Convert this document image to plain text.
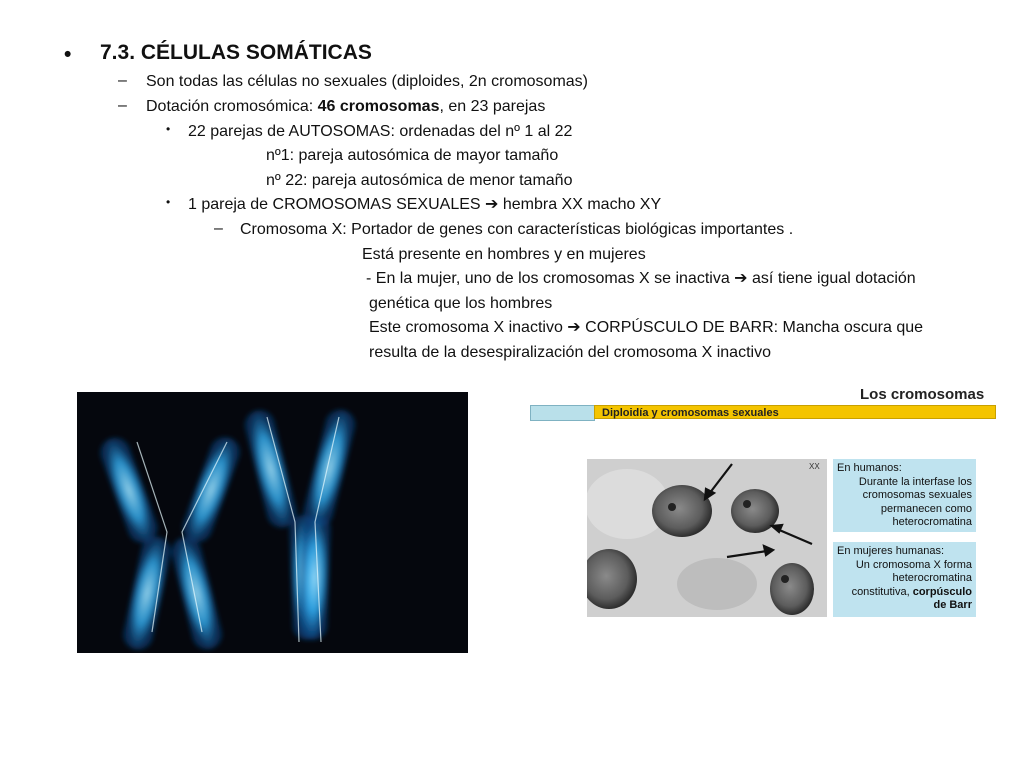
• 7.3. CÉLULAS SOMÁTICAS
– Son todas las células no sexuales (diploides, 2n cromosomas)
– Dotación cromosómica: 46 cromosomas, en 23 parejas
• 22 parejas de AUTOSOMAS: ordenadas del nº 1 al 22
nº1: pareja autosómica de mayor tamaño
nº 22: pareja autosómica de menor tamaño
• 1 pareja de CROMOSOMAS SEXUALES ➔ hembra XX macho XY
– Cromosoma X: Portador de genes con características biológicas importantes .
Está presente en hombres y en mujeres
- En la mujer, uno de los cromosomas X se inactiva ➔ así tiene igual dotación
genética que los hombres
Este cromosoma X inactivo ➔ CORPÚSCULO DE BARR: Mancha oscura que
resulta de la desespiralización del cromosoma X inactivo
Los cromosomas
Diploidía y cromosomas sexuales
XX En humanos:
Durante la interfase los
cromosomas sexuales
permanecen como
heterocromatina
En mujeres humanas:
Un cromosoma X forma
heterocromatina
constitutiva, corpúsculo
de Barr
